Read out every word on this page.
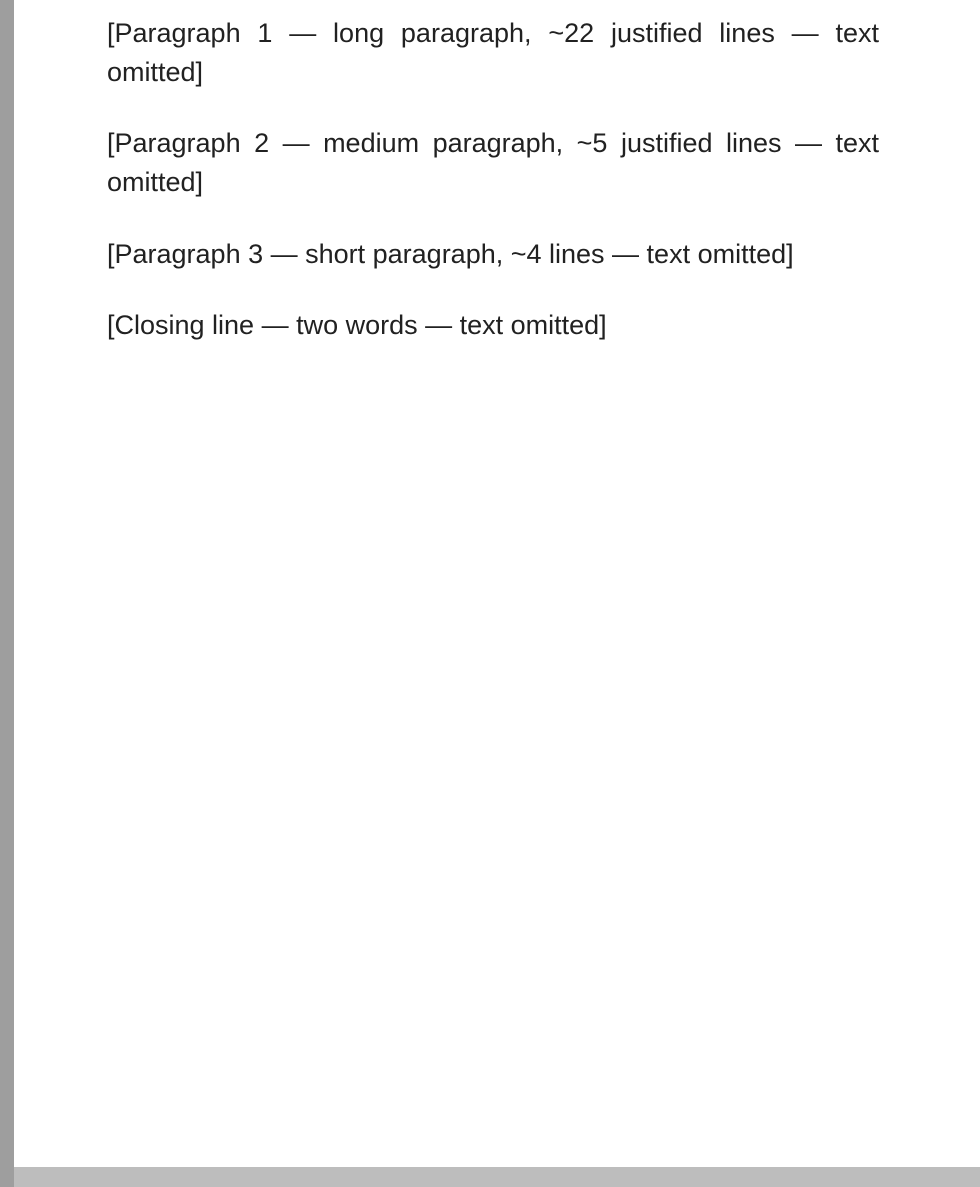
[Paragraph 1 — long paragraph, ~22 justified lines — text omitted]

[Paragraph 2 — medium paragraph, ~5 justified lines — text omitted]

[Paragraph 3 — short paragraph, ~4 lines — text omitted]

[Closing line — two words — text omitted]
